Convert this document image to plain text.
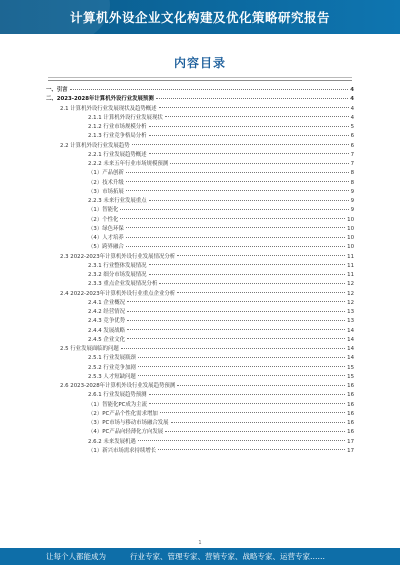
计算机外设企业文化构建及优化策略研究报告
内容目录
一、引言	4
二、2023-2028年计算机外设行业发展预测	4
2.1 计算机外设行业发展现状及趋势概述	4
2.1.1 计算机外设行业发展现状	4
2.1.2 行业市场规模分析	5
2.1.3 行业竞争格局分析	6
2.2 计算机外设行业发展趋势	6
2.2.1 行业发展趋势概述	7
2.2.2 未来五年行业市场规模预测	7
（1）产品创新	8
（2）技术升级	8
（3）市场拓展	9
2.2.3 未来行业发展重点	9
（1）智能化	9
（2）个性化	10
（3）绿色环保	10
（4）人才培养	10
（5）跨界融合	10
2.3 2022-2023年计算机外设行业发展情况分析	11
2.3.1 行业整体发展情况	11
2.3.2 细分市场发展情况	11
2.3.3 重点企业发展情况分析	12
2.4 2022-2023年计算机外设行业重点企业分析	12
2.4.1 企业概况	12
2.4.2 经营情况	13
2.4.3 竞争优势	13
2.4.4 发展战略	14
2.4.5 企业文化	14
2.5 行业发展面临的问题	14
2.5.1 行业发展瓶颈	14
2.5.2 行业竞争加剧	15
2.5.3 人才短缺问题	15
2.6 2023-2028年计算机外设行业发展趋势预测	16
2.6.1 行业发展趋势预测	16
（1）智能化PC成为主流	16
（2）PC产品个性化需求增加	16
（3）PC市场与移动市场融合发展	16
（4）PC产品向轻薄化方向发展	16
2.6.2 未来发展机遇	17
（1）新兴市场需求持续增长	17
1
让每个人都能成为	行业专家、管理专家、营销专家、战略专家、运营专家……
